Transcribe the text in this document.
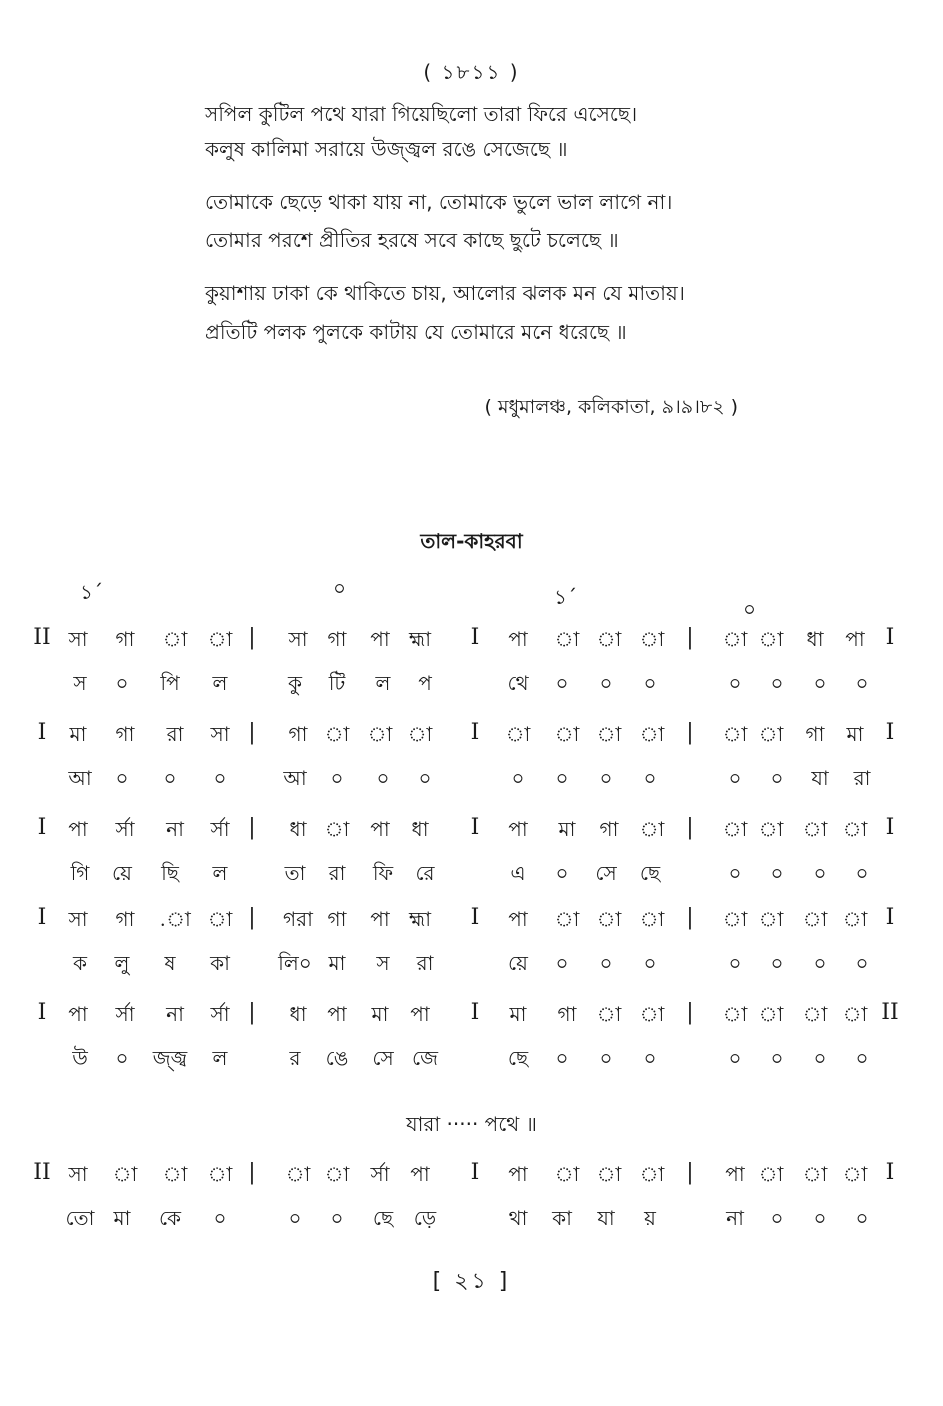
( ১৮১১ )
সপিল কুটিল পথে যারা গিয়েছিলো তারা ফিরে এসেছে।
কলুষ কালিমা সরায়ে উজ্জ্বল রঙে সেজেছে ॥
তোমাকে ছেড়ে থাকা যায় না, তোমাকে ভুলে ভাল লাগে না।
তোমার পরশে প্রীতির হরষে সবে কাছে ছুটে চলেছে ॥
কুয়াশায় ঢাকা কে থাকিতে চায়, আলোর ঝলক মন যে মাতায়।
প্রতিটি পলক পুলকে কাটায় যে তোমারে মনে ধরেছে ॥
( মধুমালঞ্চ, কলিকাতা, ৯।৯।৮২ )
তাল-কাহরবা
১´	০	১´	০
II সা গা া া | সা গা পা হ্মা I পা া া া | া া ধা পা I
স ০ পি ল	কু টি ল প	থে ০ ০ ০	০ ০ ০ ০
I মা গা রা সা | গা া া া I া া া া | া া গা মা I
আ ০ ০ ০	আ ০ ০ ০	০ ০ ০ ০	০ ০ যা রা
I পা র্সা না র্সা | ধা া পা ধা I পা মা গা া | া া া া I
গি য়ে ছি ল	তা রা ফি রে	এ ০ সে ছে	০ ০ ০ ০
I সা গা .া া | গরা গা পা হ্মা I পা া া া | া া া া I
ক লু ষ কা লি০ মা স রা	য়ে ০ ০ ০	০ ০ ০ ০
I পা র্সা না র্সা | ধা পা মা পা I মা গা া া | া া া া II
উ ০ জ্জ্ব ল	র ঙে সে জে	ছে ০ ০ ০	০ ০ ০ ০
II সা া া া | া া র্সা পা I পা া া া | পা া া া I
তো মা কে ০	০ ০ ছে ড়ে	থা কা যা য়	না ০ ০ ০
যারা ····· পথে ॥
[ ২১ ]
